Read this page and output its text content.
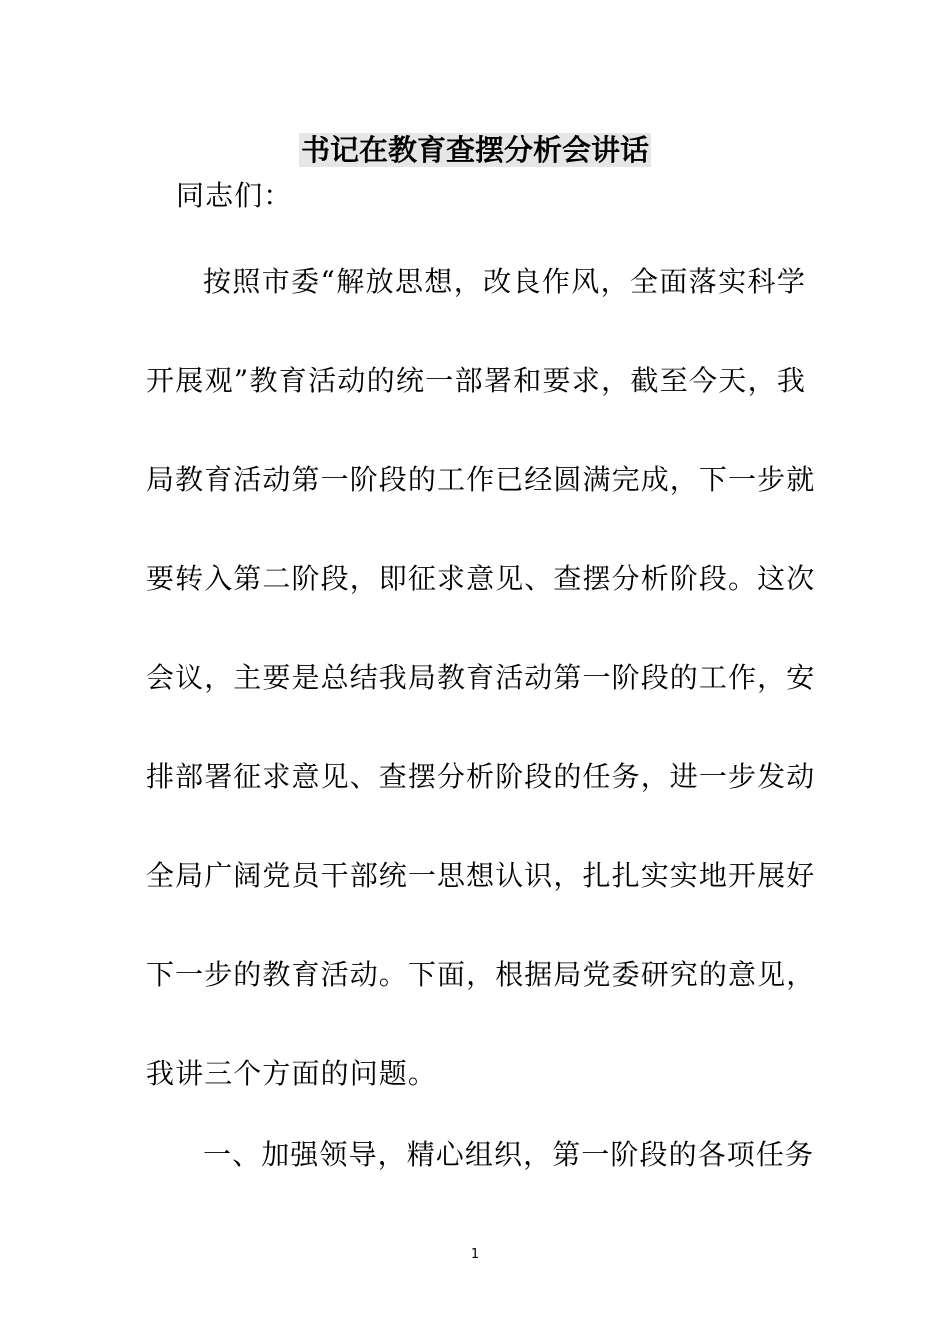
书记在教育查摆分析会讲话
同志们：
按照市委“解放思想，改良作风，全面落实科学
开展观”教育活动的统一部署和要求，截至今天，我
局教育活动第一阶段的工作已经圆满完成，下一步就
要转入第二阶段，即征求意见、查摆分析阶段。这次
会议，主要是总结我局教育活动第一阶段的工作，安
排部署征求意见、查摆分析阶段的任务，进一步发动
全局广阔党员干部统一思想认识，扎扎实实地开展好
下一步的教育活动。下面，根据局党委研究的意见，
我讲三个方面的问题。
一、加强领导，精心组织，第一阶段的各项任务
1
